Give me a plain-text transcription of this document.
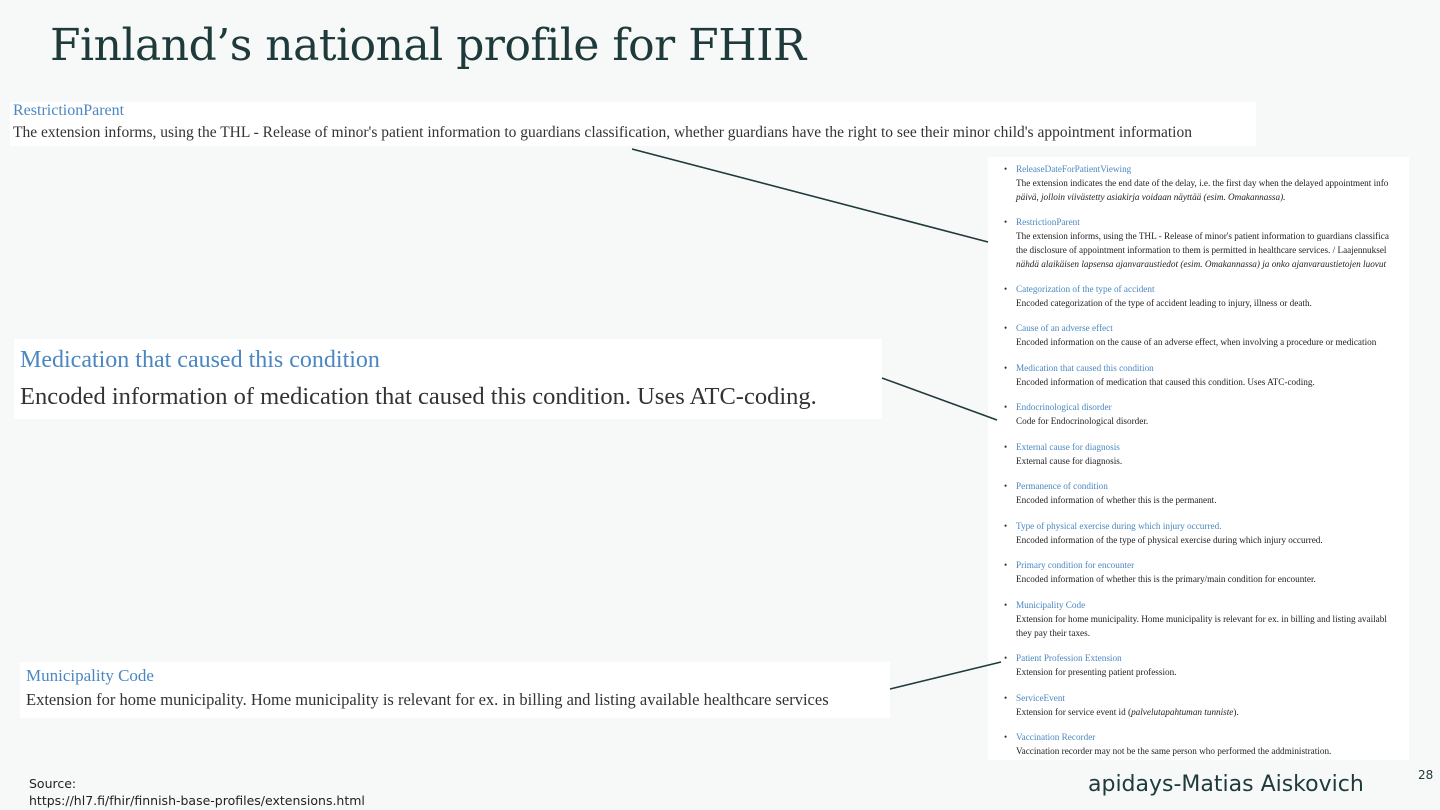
Finland’s national profile for FHIR
RestrictionParent
The extension informs, using the THL - Release of minor's patient information to guardians classification, whether guardians have the right to see their minor child's appointment information
Medication that caused this condition
Encoded information of medication that caused this condition. Uses ATC-coding.
Municipality Code
Extension for home municipality. Home municipality is relevant for ex. in billing and listing available healthcare services
• ReleaseDateForPatientViewing
The extension indicates the end date of the delay, i.e. the first day when the delayed appointment info
päivä, jolloin viivästetty asiakirja voidaan näyttää (esim. Omakannassa).
• RestrictionParent
The extension informs, using the THL - Release of minor's patient information to guardians classifica
the disclosure of appointment information to them is permitted in healthcare services. / Laajennuksel
nähdä alaikäisen lapsensa ajanvaraustiedot (esim. Omakannassa) ja onko ajanvaraustietojen luovut
• Categorization of the type of accident
Encoded categorization of the type of accident leading to injury, illness or death.
• Cause of an adverse effect
Encoded information on the cause of an adverse effect, when involving a procedure or medication
• Medication that caused this condition
Encoded information of medication that caused this condition. Uses ATC-coding.
• Endocrinological disorder
Code for Endocrinological disorder.
• External cause for diagnosis
External cause for diagnosis.
• Permanence of condition
Encoded information of whether this is the permanent.
• Type of physical exercise during which injury occurred.
Encoded information of the type of physical exercise during which injury occurred.
• Primary condition for encounter
Encoded information of whether this is the primary/main condition for encounter.
• Municipality Code
Extension for home municipality. Home municipality is relevant for ex. in billing and listing availabl
they pay their taxes.
• Patient Profession Extension
Extension for presenting patient profession.
• ServiceEvent
Extension for service event id (palvelutapahtuman tunniste).
• Vaccination Recorder
Vaccination recorder may not be the same person who performed the addministration.
Source:
https://hl7.fi/fhir/finnish-base-profiles/extensions.html
apidays-Matias Aiskovich	28
